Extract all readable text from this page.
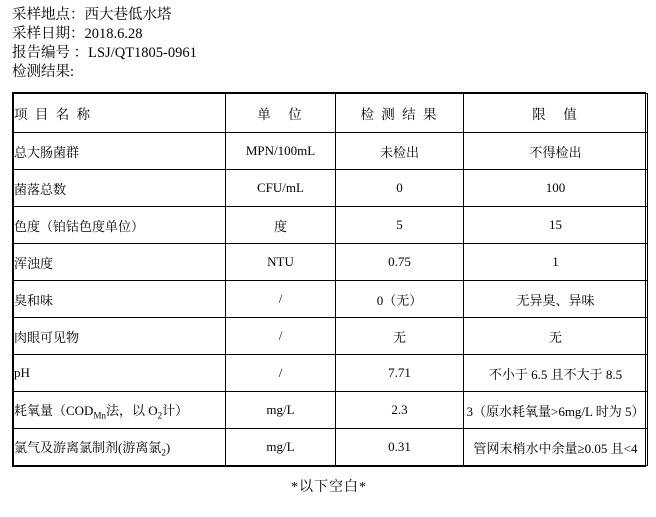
采样地点：西大巷低水塔
采样日期：2018.6.28
报告编号 ：LSJ/QT1805-0961
检测结果:
项 目 名 称	单　位	检 测 结 果	限　值
总大肠菌群	MPN/100mL	未检出	不得检出
菌落总数	CFU/mL	0	100
色度（铂钴色度单位）	度	5	15
浑浊度	NTU	0.75	1
臭和味	/	0（无）	无异臭、异味
肉眼可见物	/	无	无
pH	/	7.71	不小于 6.5 且不大于 8.5
耗氧量（$COD_{Mn}$法，以 $O_2$计）	mg/L	2.3	3（原水耗氧量>6mg/L 时为 5）
氯气及游离氯制剂(游离氯$_2$)	mg/L	0.31	管网末梢水中余量≥0.05 且<4
*以下空白*
